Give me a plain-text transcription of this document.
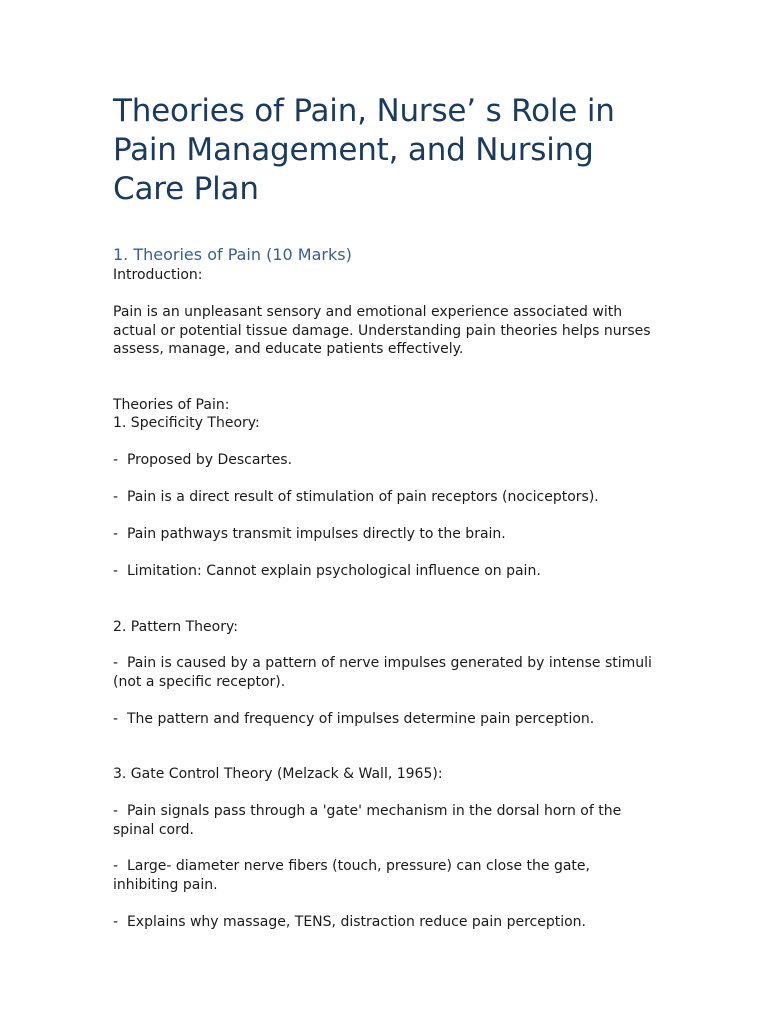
Theories of Pain, Nurse’ s Role in Pain Management, and Nursing Care Plan
1. Theories of Pain (10 Marks)

Introduction:

Pain is an unpleasant sensory and emotional experience associated with actual or potential tissue damage. Understanding pain theories helps nurses assess, manage, and educate patients effectively.

Theories of Pain:

1. Specificity Theory:

-  Proposed by Descartes.

-  Pain is a direct result of stimulation of pain receptors (nociceptors).

-  Pain pathways transmit impulses directly to the brain.

-  Limitation: Cannot explain psychological influence on pain.

2. Pattern Theory:

-  Pain is caused by a pattern of nerve impulses generated by intense stimuli (not a specific receptor).

-  The pattern and frequency of impulses determine pain perception.

3. Gate Control Theory (Melzack & Wall, 1965):

-  Pain signals pass through a 'gate' mechanism in the dorsal horn of the spinal cord.

-  Large- diameter nerve fibers (touch, pressure) can close the gate, inhibiting pain.

-  Explains why massage, TENS, distraction reduce pain perception.
